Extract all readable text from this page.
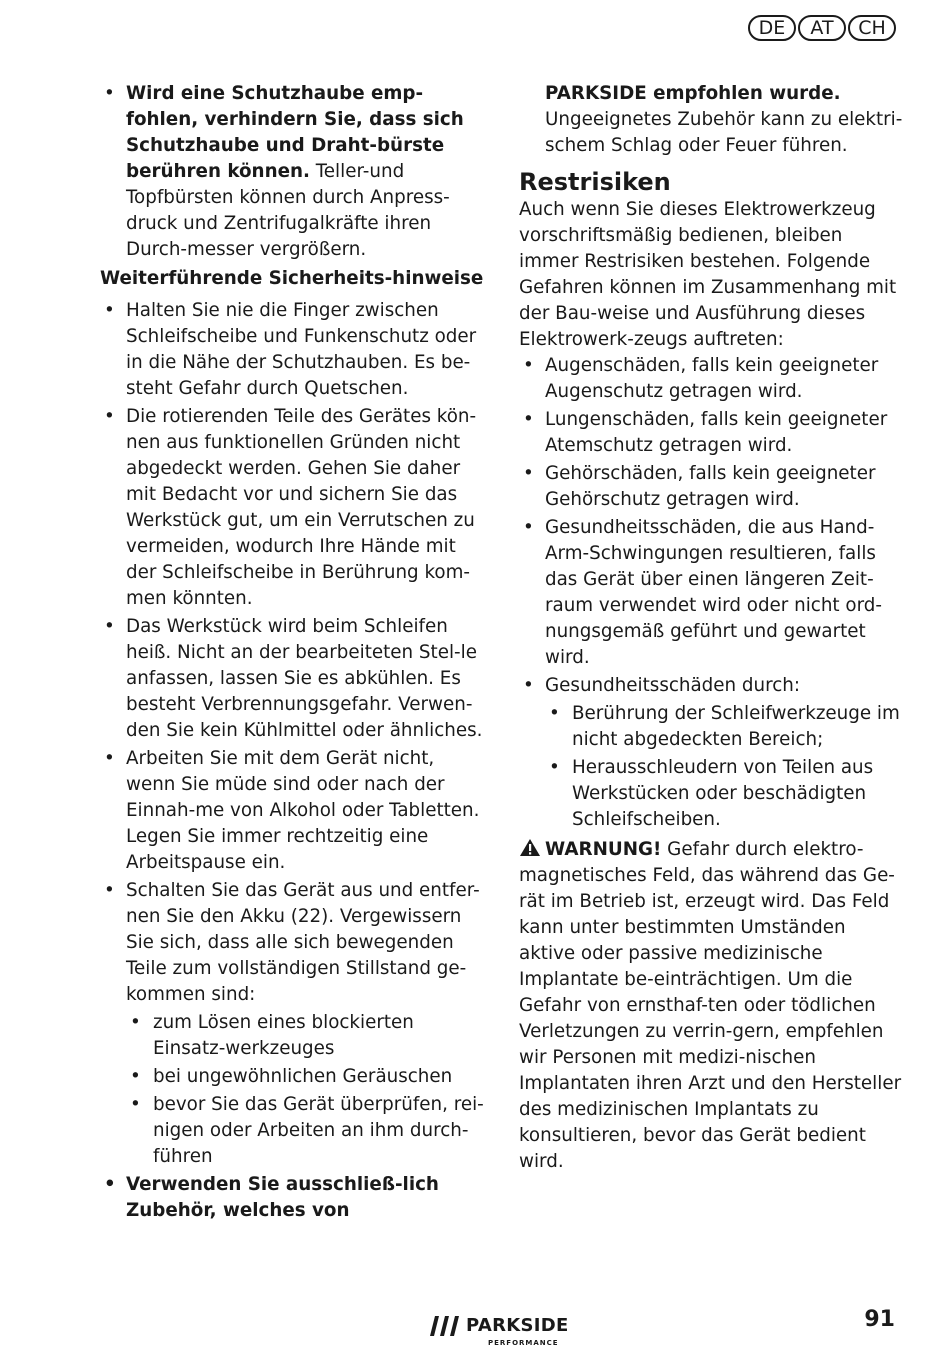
DE	AT	CH
• Wird eine Schutzhaube emp-fohlen, verhindern Sie, dass sich Schutzhaube und Draht-bürste berühren können. Teller-und Topfbürsten können durch Anpress-druck und Zentrifugalkräfte ihren Durch-messer vergrößern.
Weiterführende Sicherheits-hinweise
• Halten Sie nie die Finger zwischen Schleifscheibe und Funkenschutz oder in die Nähe der Schutzhauben. Es be-steht Gefahr durch Quetschen.
• Die rotierenden Teile des Gerätes kön-nen aus funktionellen Gründen nicht abgedeckt werden. Gehen Sie daher mit Bedacht vor und sichern Sie das Werkstück gut, um ein Verrutschen zu vermeiden, wodurch Ihre Hände mit der Schleifscheibe in Berührung kom-men könnten.
• Das Werkstück wird beim Schleifen heiß. Nicht an der bearbeiteten Stel-le anfassen, lassen Sie es abkühlen. Es besteht Verbrennungsgefahr. Verwen-den Sie kein Kühlmittel oder ähnliches.
• Arbeiten Sie mit dem Gerät nicht, wenn Sie müde sind oder nach der Einnah-me von Alkohol oder Tabletten. Legen Sie immer rechtzeitig eine Arbeitspause ein.
• Schalten Sie das Gerät aus und entfer-nen Sie den Akku (22). Vergewissern Sie sich, dass alle sich bewegenden Teile zum vollständigen Stillstand ge-kommen sind:
• zum Lösen eines blockierten Einsatz-werkzeuges
• bei ungewöhnlichen Geräuschen
• bevor Sie das Gerät überprüfen, rei-nigen oder Arbeiten an ihm durch-führen
• Verwenden Sie ausschließ-lich Zubehör, welches von

PARKSIDE empfohlen wurde.

Ungeeignetes Zubehör kann zu elektri-schem Schlag oder Feuer führen.

Restrisiken

Auch wenn Sie dieses Elektrowerkzeug vorschriftsmäßig bedienen, bleiben immer Restrisiken bestehen. Folgende Gefahren können im Zusammenhang mit der Bau-weise und Ausführung dieses Elektrowerk-zeugs auftreten:

• Augenschäden, falls kein geeigneter Augenschutz getragen wird.
• Lungenschäden, falls kein geeigneter Atemschutz getragen wird.
• Gehörschäden, falls kein geeigneter Gehörschutz getragen wird.
• Gesundheitsschäden, die aus Hand-Arm-Schwingungen resultieren, falls das Gerät über einen längeren Zeit-raum verwendet wird oder nicht ord-nungsgemäß geführt und gewartet wird.
• Gesundheitsschäden durch:
• Berührung der Schleifwerkzeuge im nicht abgedeckten Bereich;
• Herausschleudern von Teilen aus Werkstücken oder beschädigten Schleifscheiben.

WARNUNG! Gefahr durch elektro-magnetisches Feld, das während das Ge-rät im Betrieb ist, erzeugt wird. Das Feld kann unter bestimmten Umständen aktive oder passive medizinische Implantate be-einträchtigen. Um die Gefahr von ernsthaf-ten oder tödlichen Verletzungen zu verrin-gern, empfehlen wir Personen mit medizi-nischen Implantaten ihren Arzt und den Hersteller des medizinischen Implantats zu konsultieren, bevor das Gerät bedient wird.

PARKSIDE
PERFORMANCE
91
